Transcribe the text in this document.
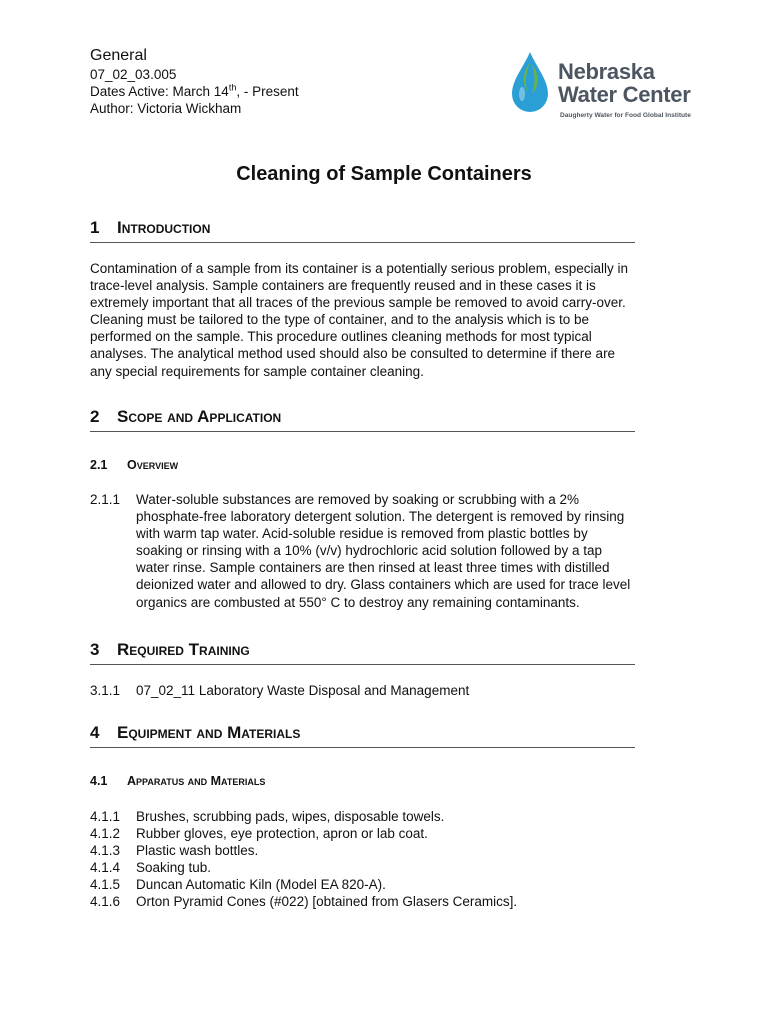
General
07_02_03.005
Dates Active: March 14th, - Present
Author: Victoria Wickham
Nebraska
Water Center
Daugherty Water for Food Global Institute
Cleaning of Sample Containers
1 Introduction

Contamination of a sample from its container is a potentially serious problem, especially in trace-level analysis. Sample containers are frequently reused and in these cases it is extremely important that all traces of the previous sample be removed to avoid carry-over. Cleaning must be tailored to the type of container, and to the analysis which is to be performed on the sample. This procedure outlines cleaning methods for most typical analyses. The analytical method used should also be consulted to determine if there are any special requirements for sample container cleaning.

2 Scope and Application
2.1 Overview
2.1.1 Water-soluble substances are removed by soaking or scrubbing with a 2% phosphate-free laboratory detergent solution. The detergent is removed by rinsing with warm tap water. Acid-soluble residue is removed from plastic bottles by soaking or rinsing with a 10% (v/v) hydrochloric acid solution followed by a tap water rinse. Sample containers are then rinsed at least three times with distilled deionized water and allowed to dry. Glass containers which are used for trace level organics are combusted at 550° C to destroy any remaining contaminants.
3 Required Training
3.1.1 07_02_11 Laboratory Waste Disposal and Management
4 Equipment and Materials
4.1 Apparatus and Materials
4.1.1 Brushes, scrubbing pads, wipes, disposable towels.
4.1.2 Rubber gloves, eye protection, apron or lab coat.
4.1.3 Plastic wash bottles.
4.1.4 Soaking tub.
4.1.5 Duncan Automatic Kiln (Model EA 820-A).
4.1.6 Orton Pyramid Cones (#022) [obtained from Glasers Ceramics].
